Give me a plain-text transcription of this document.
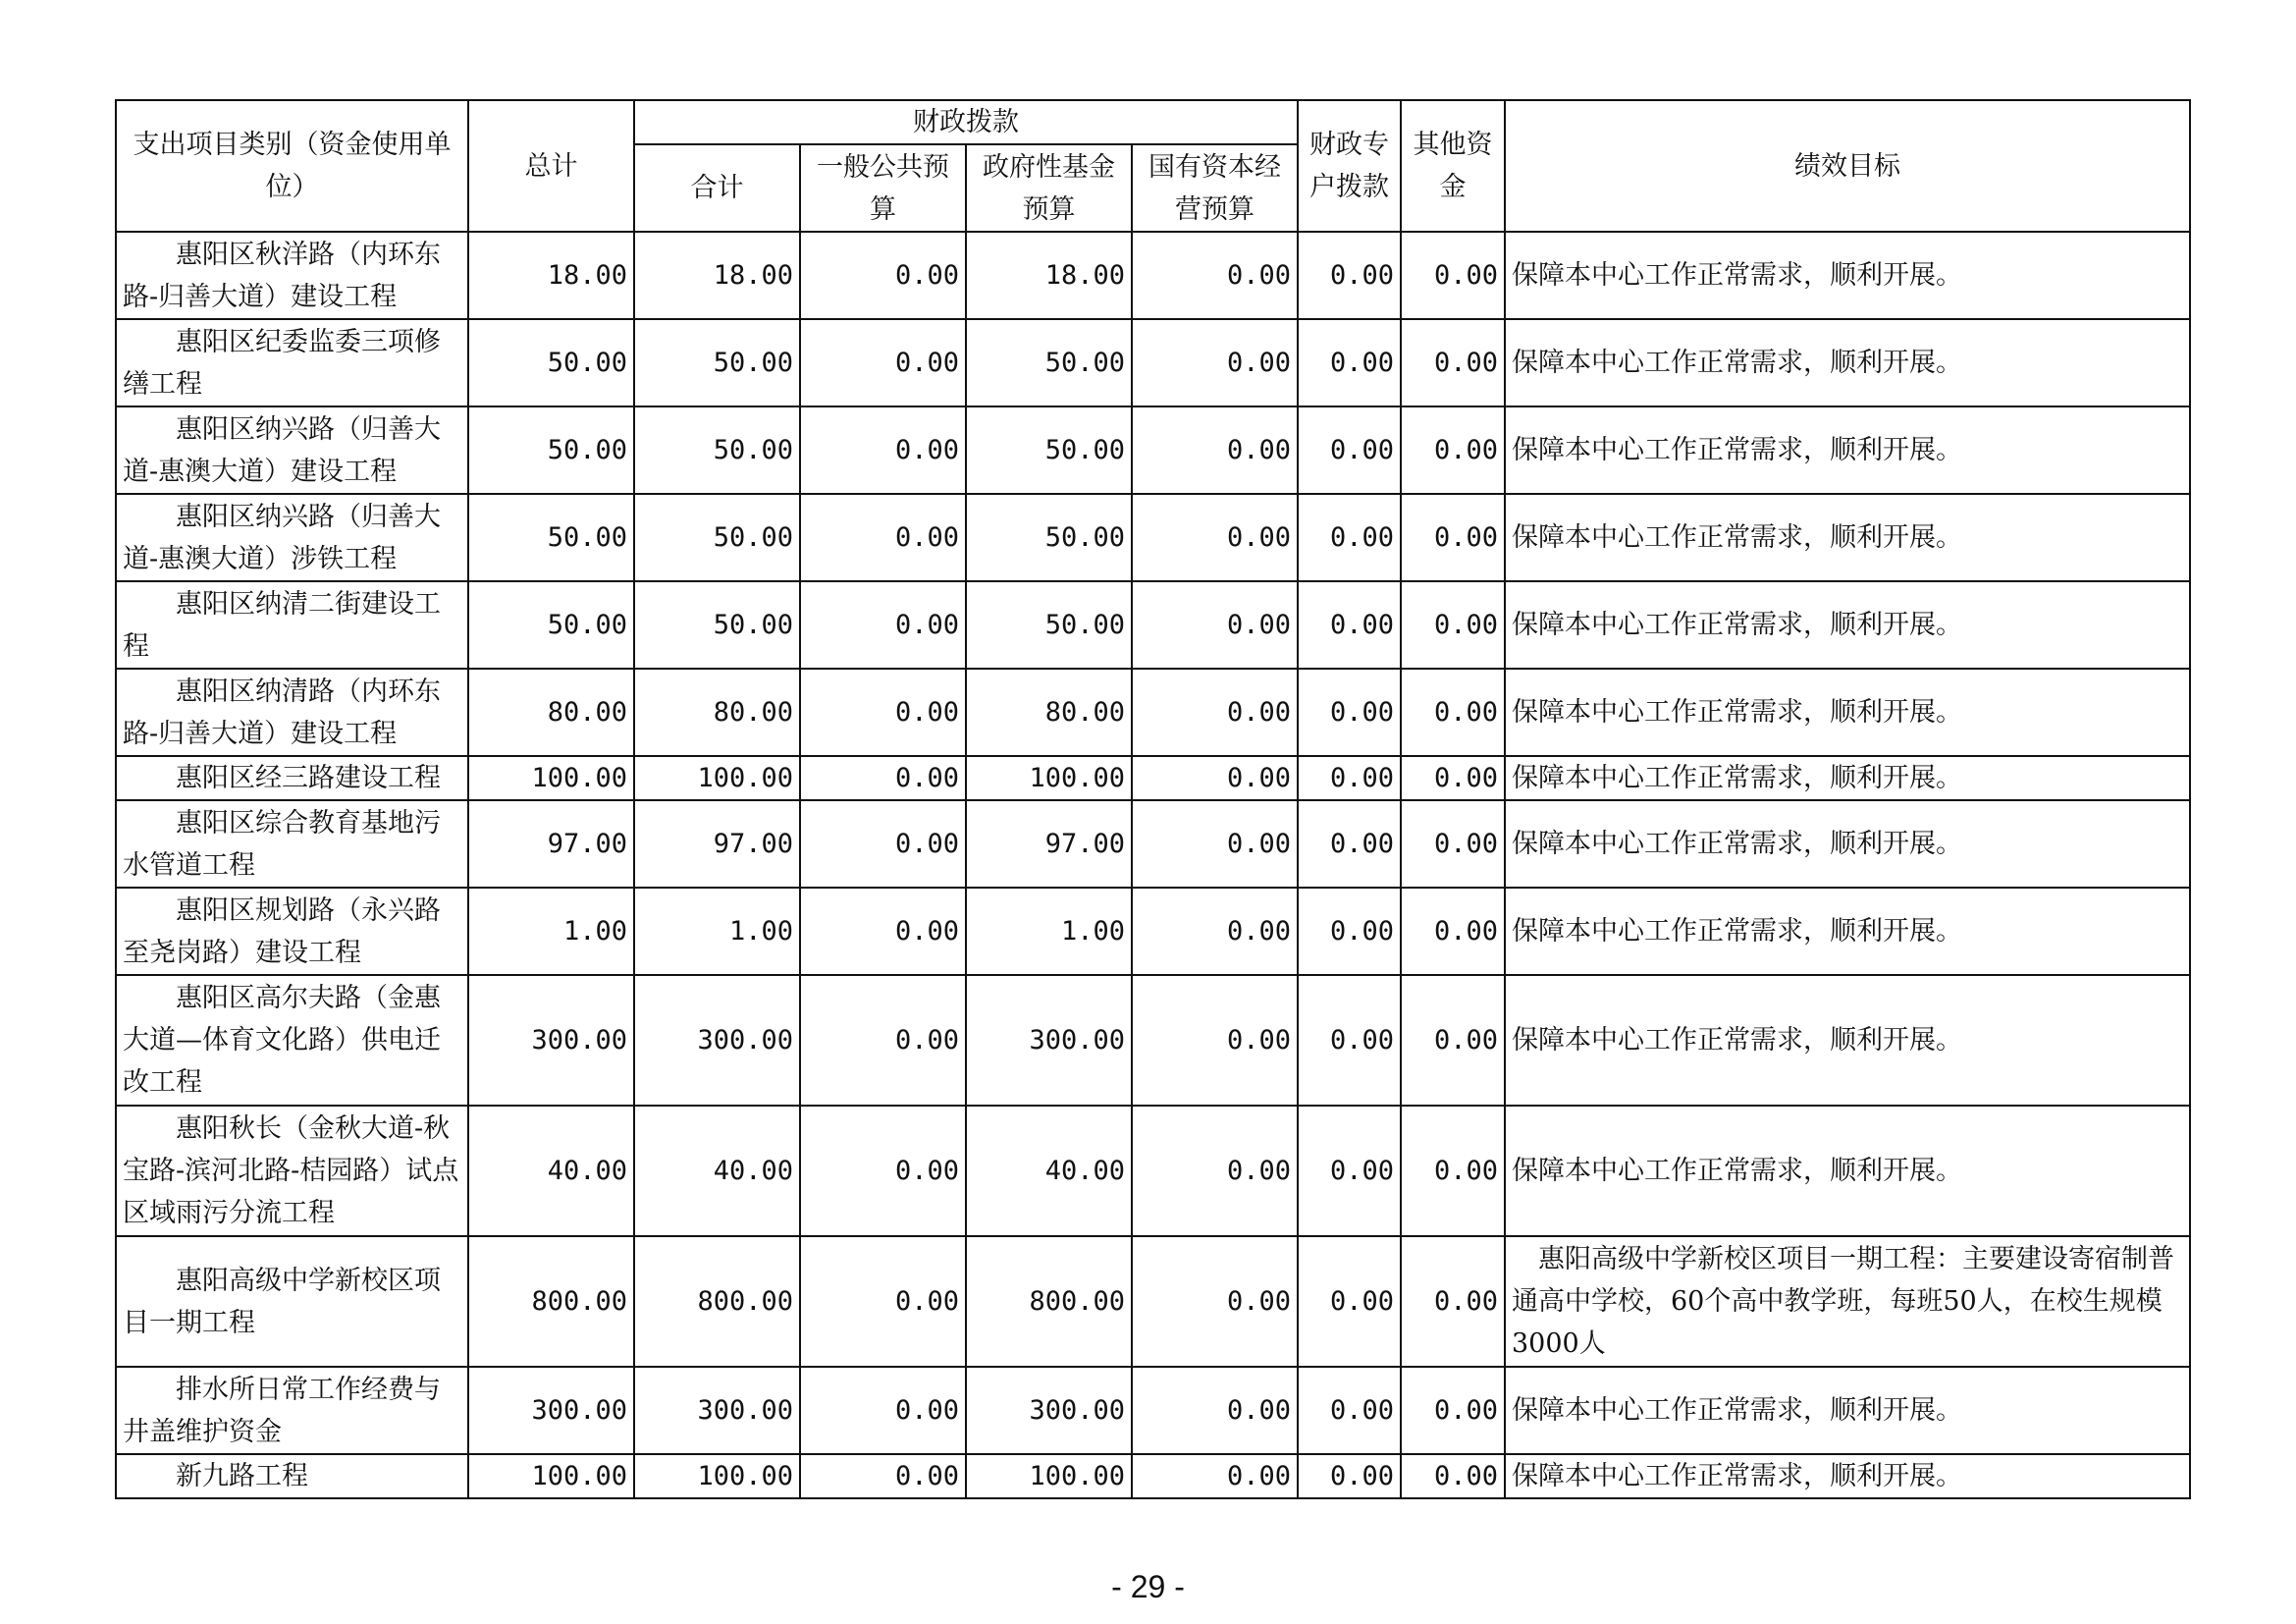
支出项目类别（资金使用单位）	总计	财政拨款				财政专户拨款	其他资金	绩效目标
		合计	一般公共预算	政府性基金预算	国有资本经营预算			
　　惠阳区秋洋路（内环东路-归善大道）建设工程	18.00	18.00	0.00	18.00	0.00	0.00	0.00	保障本中心工作正常需求，顺利开展。
　　惠阳区纪委监委三项修缮工程	50.00	50.00	0.00	50.00	0.00	0.00	0.00	保障本中心工作正常需求，顺利开展。
　　惠阳区纳兴路（归善大道-惠澳大道）建设工程	50.00	50.00	0.00	50.00	0.00	0.00	0.00	保障本中心工作正常需求，顺利开展。
　　惠阳区纳兴路（归善大道-惠澳大道）涉铁工程	50.00	50.00	0.00	50.00	0.00	0.00	0.00	保障本中心工作正常需求，顺利开展。
　　惠阳区纳清二街建设工程	50.00	50.00	0.00	50.00	0.00	0.00	0.00	保障本中心工作正常需求，顺利开展。
　　惠阳区纳清路（内环东路-归善大道）建设工程	80.00	80.00	0.00	80.00	0.00	0.00	0.00	保障本中心工作正常需求，顺利开展。
　　惠阳区经三路建设工程	100.00	100.00	0.00	100.00	0.00	0.00	0.00	保障本中心工作正常需求，顺利开展。
　　惠阳区综合教育基地污水管道工程	97.00	97.00	0.00	97.00	0.00	0.00	0.00	保障本中心工作正常需求，顺利开展。
　　惠阳区规划路（永兴路至尧岗路）建设工程	1.00	1.00	0.00	1.00	0.00	0.00	0.00	保障本中心工作正常需求，顺利开展。
　　惠阳区高尔夫路（金惠大道—体育文化路）供电迁改工程	300.00	300.00	0.00	300.00	0.00	0.00	0.00	保障本中心工作正常需求，顺利开展。
　　惠阳秋长（金秋大道-秋宝路-滨河北路-桔园路）试点区域雨污分流工程	40.00	40.00	0.00	40.00	0.00	0.00	0.00	保障本中心工作正常需求，顺利开展。
　　惠阳高级中学新校区项目一期工程	800.00	800.00	0.00	800.00	0.00	0.00	0.00	　惠阳高级中学新校区项目一期工程：主要建设寄宿制普通高中学校，60个高中教学班，每班50人，在校生规模3000人
　　排水所日常工作经费与井盖维护资金	300.00	300.00	0.00	300.00	0.00	0.00	0.00	保障本中心工作正常需求，顺利开展。
　　新九路工程	100.00	100.00	0.00	100.00	0.00	0.00	0.00	保障本中心工作正常需求，顺利开展。
- 29 -
